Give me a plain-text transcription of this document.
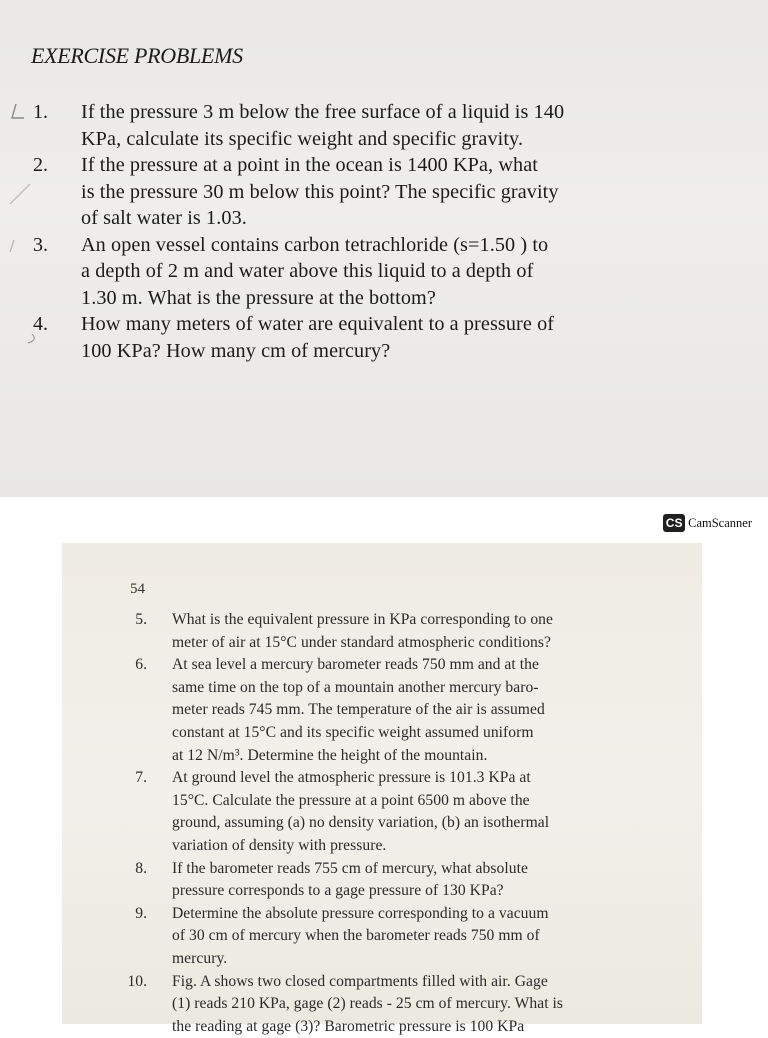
EXERCISE PROBLEMS
1. If the pressure 3 m below the free surface of a liquid is 140
KPa, calculate its specific weight and specific gravity.
2. If the pressure at a point in the ocean is 1400 KPa, what
is the pressure 30 m below this point? The specific gravity
of salt water is 1.03.
3. An open vessel contains carbon tetrachloride (s=1.50 ) to
a depth of 2 m and water above this liquid to a depth of
1.30 m. What is the pressure at the bottom?
4. How many meters of water are equivalent to a pressure of
100 KPa? How many cm of mercury?
CS CamScanner
54
5. What is the equivalent pressure in KPa corresponding to one
meter of air at 15°C under standard atmospheric conditions?
6. At sea level a mercury barometer reads 750 mm and at the
same time on the top of a mountain another mercury baro-
meter reads 745 mm. The temperature of the air is assumed
constant at 15°C and its specific weight assumed uniform
at 12 N/m³. Determine the height of the mountain.
7. At ground level the atmospheric pressure is 101.3 KPa at
15°C. Calculate the pressure at a point 6500 m above the
ground, assuming (a) no density variation, (b) an isothermal
variation of density with pressure.
8. If the barometer reads 755 cm of mercury, what absolute
pressure corresponds to a gage pressure of 130 KPa?
9. Determine the absolute pressure corresponding to a vacuum
of 30 cm of mercury when the barometer reads 750 mm of
mercury.
10. Fig. A shows two closed compartments filled with air. Gage
(1) reads 210 KPa, gage (2) reads - 25 cm of mercury. What is
the reading at gage (3)? Barometric pressure is 100 KPa
